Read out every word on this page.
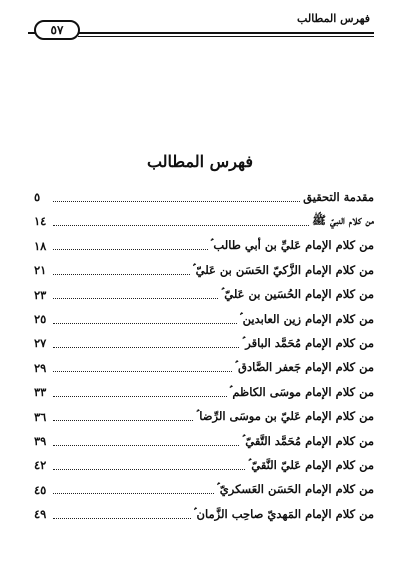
٥٧
فهرس المطالب
فهرس المطالب
مقدمة التحقيق
٥
من كلام النبيّ ﷺ
١٤
من كلام الإمام عَليِّ بن أبي طالب ؑ
١٨
من كلام الإمام الزَّكيّ الحَسَن بن عَليّ ؑ
٢١
من كلام الإمام الحُسَين بن عَليّ ؑ
٢٣
من كلام الإمام زين العابدين ؑ
٢٥
من كلام الإمام مُحَمَّد الباقر ؑ
٢٧
من كلام الإمام جَعفر الصَّادق ؑ
٢٩
من كلام الإمام موسَى الكاظم ؑ
٣٣
من كلام الإمام عَليّ بن موسَى الرِّضا ؑ
٣٦
من كلام الإمام مُحَمَّد التَّقيّ ؑ
٣٩
من كلام الإمام عَليّ النَّقيّ ؑ
٤٢
من كلام الإمام الحَسَن العَسكريّ ؑ
٤٥
من كلام الإمام المَهديّ صاحِب الزَّمان ؑ
٤٩
